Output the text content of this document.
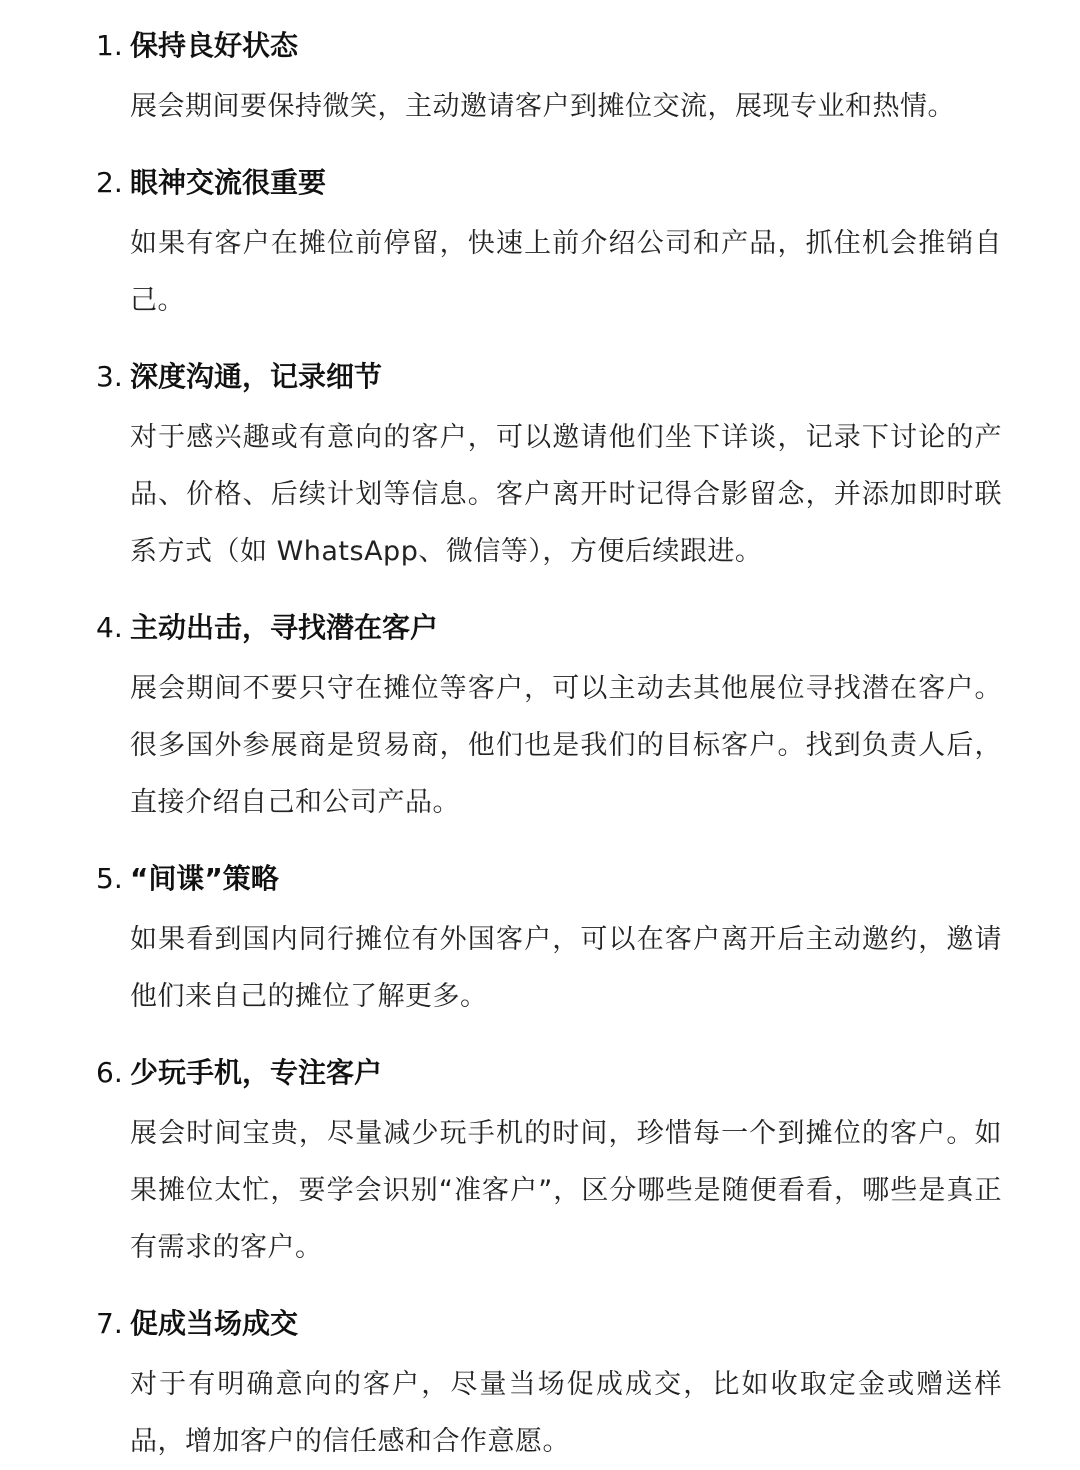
1. 保持良好状态

展会期间要保持微笑，主动邀请客户到摊位交流，展现专业和热情。

2. 眼神交流很重要

如果有客户在摊位前停留，快速上前介绍公司和产品，抓住机会推销自己。

3. 深度沟通，记录细节

对于感兴趣或有意向的客户，可以邀请他们坐下详谈，记录下讨论的产品、价格、后续计划等信息。客户离开时记得合影留念，并添加即时联系方式（如 WhatsApp、微信等），方便后续跟进。

4. 主动出击，寻找潜在客户

展会期间不要只守在摊位等客户，可以主动去其他展位寻找潜在客户。很多国外参展商是贸易商，他们也是我们的目标客户。找到负责人后，直接介绍自己和公司产品。

5. “间谍”策略

如果看到国内同行摊位有外国客户，可以在客户离开后主动邀约，邀请他们来自己的摊位了解更多。

6. 少玩手机，专注客户

展会时间宝贵，尽量减少玩手机的时间，珍惜每一个到摊位的客户。如果摊位太忙，要学会识别“准客户”，区分哪些是随便看看，哪些是真正有需求的客户。

7. 促成当场成交

对于有明确意向的客户，尽量当场促成成交，比如收取定金或赠送样品，增加客户的信任感和合作意愿。
